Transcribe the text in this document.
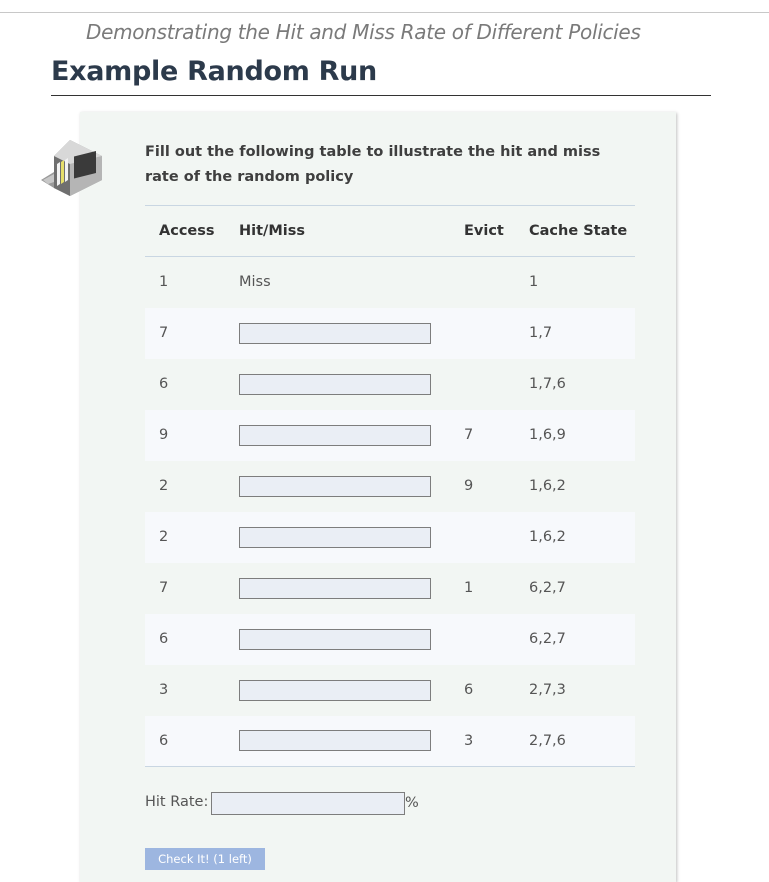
Demonstrating the Hit and Miss Rate of Different Policies
Example Random Run
Fill out the following table to illustrate the hit and miss rate of the random policy
Access	Hit/Miss	Evict	Cache State
1	Miss		1
7			1,7
6			1,7,6
9		7	1,6,9
2		9	1,6,2
2			1,6,2
7		1	6,2,7
6			6,2,7
3		6	2,7,3
6		3	2,7,6
Hit Rate:	%
Check It! (1 left)
